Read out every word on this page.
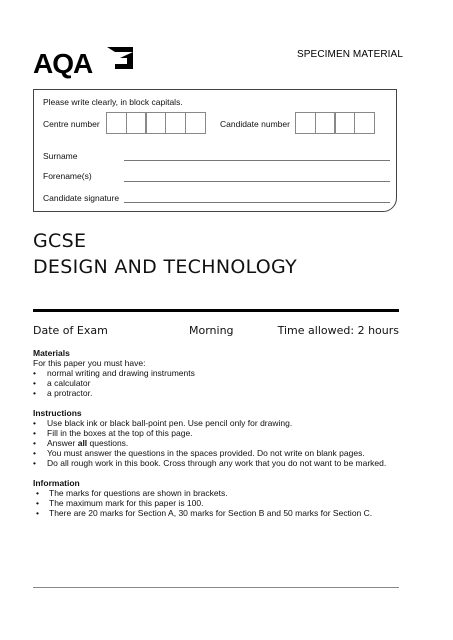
AQA	SPECIMEN MATERIAL
Please write clearly, in block capitals.
Centre number	Candidate number
Surname
Forename(s)
Candidate signature
GCSE
DESIGN AND TECHNOLOGY
Date of Exam	Morning	Time allowed: 2 hours
Materials

For this paper you must have:

• normal writing and drawing instruments
• a calculator
• a protractor.
Instructions
• Use black ink or black ball-point pen. Use pencil only for drawing.
• Fill in the boxes at the top of this page.
• Answer all questions.
• You must answer the questions in the spaces provided. Do not write on blank pages.
• Do all rough work in this book. Cross through any work that you do not want to be marked.
Information
• The marks for questions are shown in brackets.
• The maximum mark for this paper is 100.
• There are 20 marks for Section A, 30 marks for Section B and 50 marks for Section C.
